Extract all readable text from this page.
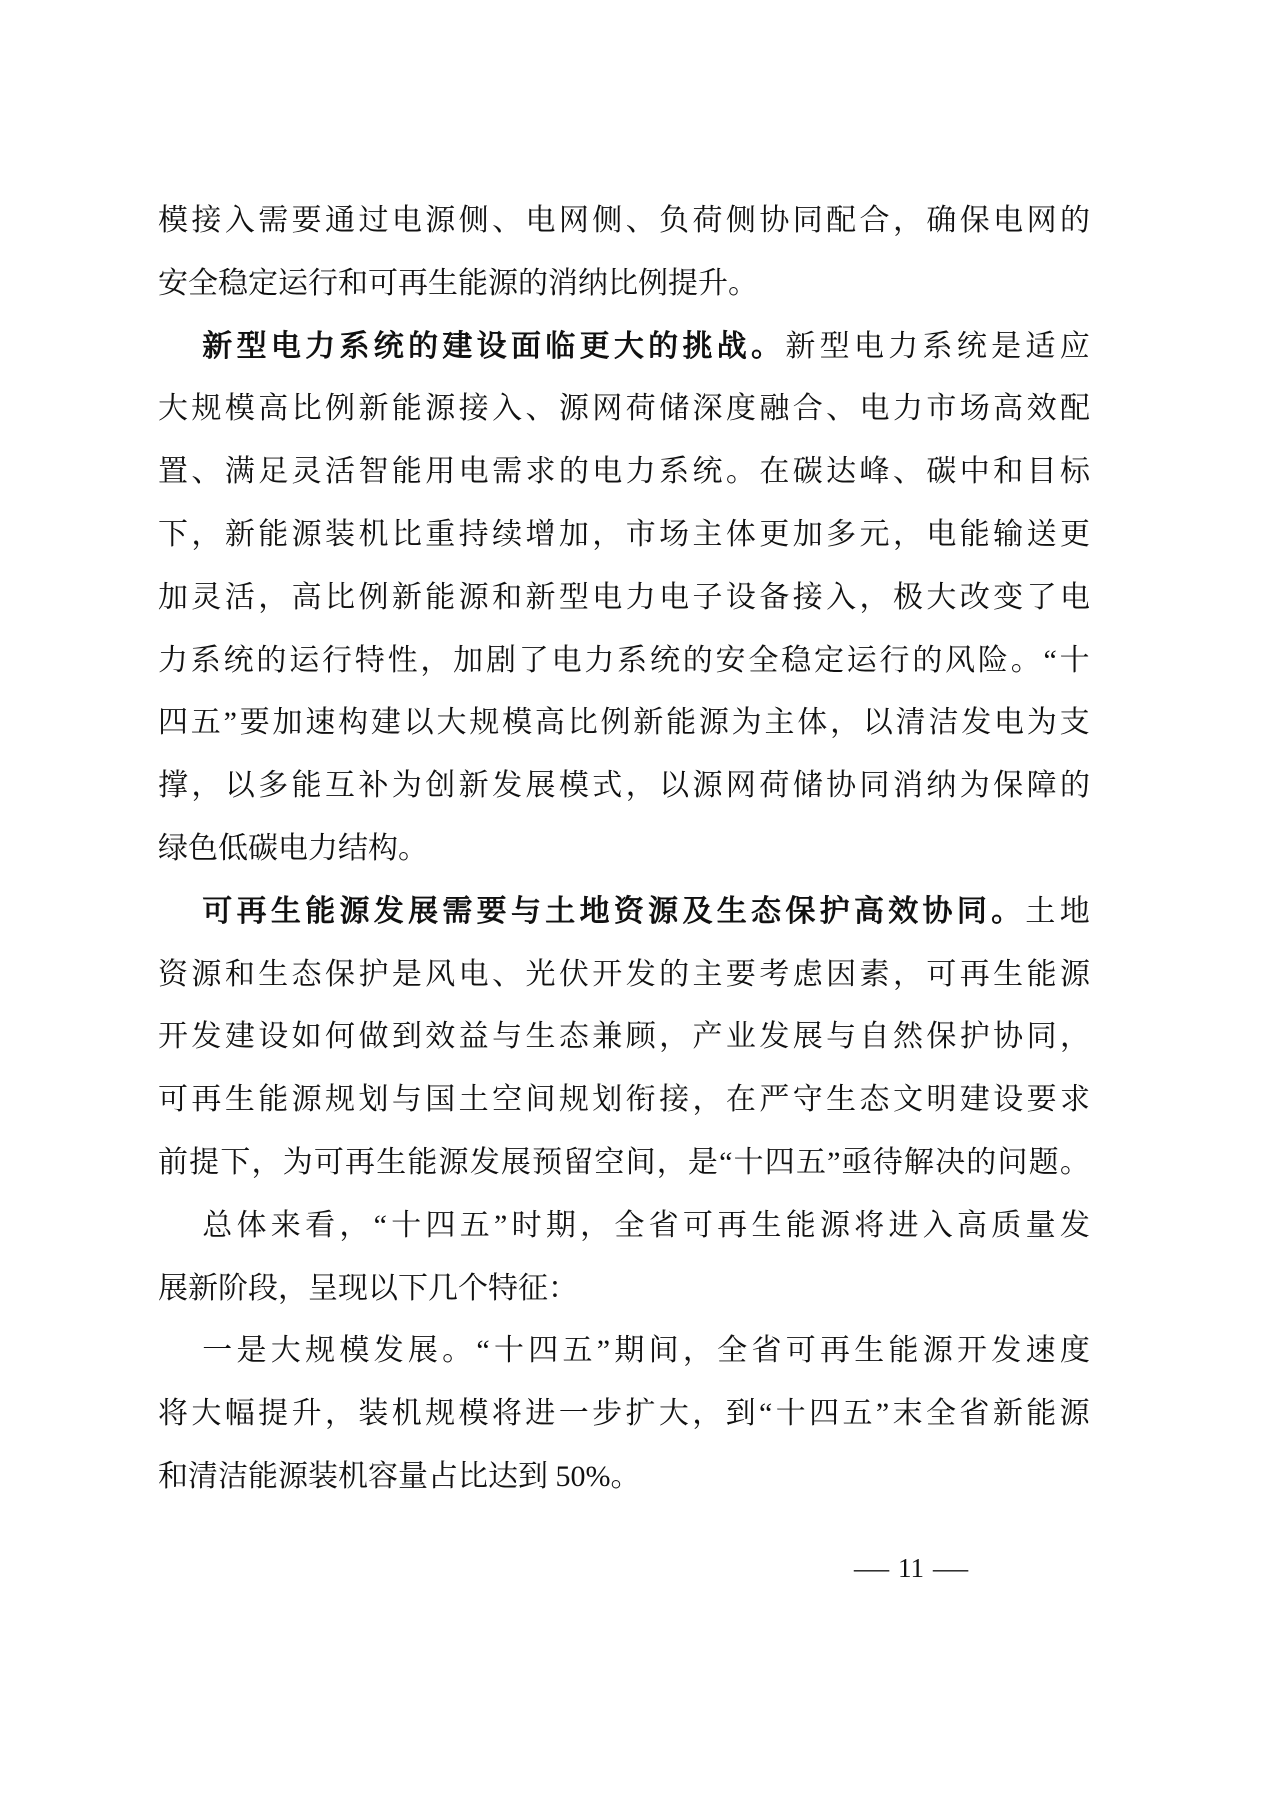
模 接 入 需 要 通 过 电 源 侧 、 电 网 侧 、 负 荷 侧 协 同 配 合 ， 确 保 电 网 的
安全稳定运行和可再生能源的消纳比例提升。
新 型 电 力 系 统 的 建 设 面 临 更 大 的 挑 战 。 新 型 电 力 系 统 是 适 应
大 规 模 高 比 例 新 能 源 接 入 、 源 网 荷 储 深 度 融 合 、 电 力 市 场 高 效 配
置 、 满 足 灵 活 智 能 用 电 需 求 的 电 力 系 统 。 在 碳 达 峰 、 碳 中 和 目 标
下 ， 新 能 源 装 机 比 重 持 续 增 加 ， 市 场 主 体 更 加 多 元 ， 电 能 输 送 更
加 灵 活 ， 高 比 例 新 能 源 和 新 型 电 力 电 子 设 备 接 入 ， 极 大 改 变 了 电
力 系 统 的 运 行 特 性 ， 加 剧 了 电 力 系 统 的 安 全 稳 定 运 行 的 风 险 。 “ 十
四 五 ” 要 加 速 构 建 以 大 规 模 高 比 例 新 能 源 为 主 体 ， 以 清 洁 发 电 为 支
撑 ， 以 多 能 互 补 为 创 新 发 展 模 式 ， 以 源 网 荷 储 协 同 消 纳 为 保 障 的
绿色低碳电力结构。
可 再 生 能 源 发 展 需 要 与 土 地 资 源 及 生 态 保 护 高 效 协 同 。 土 地
资 源 和 生 态 保 护 是 风 电 、 光 伏 开 发 的 主 要 考 虑 因 素 ， 可 再 生 能 源
开 发 建 设 如 何 做 到 效 益 与 生 态 兼 顾 ， 产 业 发 展 与 自 然 保 护 协 同 ，
可 再 生 能 源 规 划 与 国 土 空 间 规 划 衔 接 ， 在 严 守 生 态 文 明 建 设 要 求
前 提 下 ， 为 可 再 生 能 源 发 展 预 留 空 间 ， 是 “ 十 四 五 ” 亟 待 解 决 的 问 题 。
总 体 来 看 ， “ 十 四 五 ” 时 期 ， 全 省 可 再 生 能 源 将 进 入 高 质 量 发
展新阶段，呈现以下几个特征：
一 是 大 规 模 发 展 。 “ 十 四 五 ” 期 间 ， 全 省 可 再 生 能 源 开 发 速 度
将 大 幅 提 升 ， 装 机 规 模 将 进 一 步 扩 大 ， 到 “ 十 四 五 ” 末 全 省 新 能 源
和清洁能源装机容量占比达到 50%。
— 11 —
